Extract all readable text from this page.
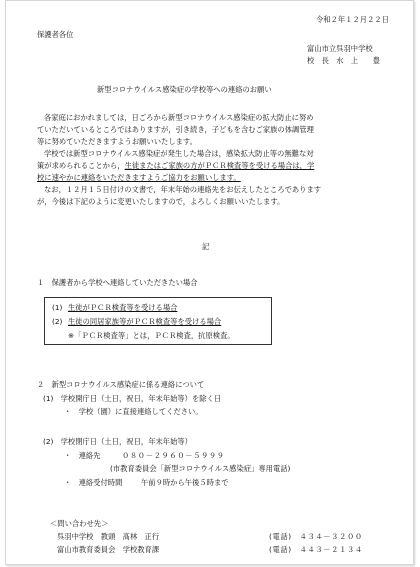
令和２年１２月２２日
保護者各位
富山市立呉羽中学校
校　長　水　上　　豊
新型コロナウイルス感染症の学校等への連絡のお願い
各家庭におかれましては，日ごろから新型コロナウイルス感染症の拡大防止に努め
ていただいているところではありますが，引き続き，子どもを含むご家族の体調管理
等に努めていただきますようお願いいたします。
学校では新型コロナウイルス感染症が発生した場合は，感染拡大防止等の無難な対
策が求められることから，生徒またはご家族の方がＰＣＲ検査等を受ける場合は，学
校に速やかに連絡をいただきますようご協力をお願いします。
なお，１２月１５日付けの文書で，年末年始の連絡先をお伝えしたところであります
が，今後は下記のように変更いたしますので，よろしくお願いいたします。
記
１　保護者から学校へ連絡していただきたい場合
(1) 生徒がＰＣＲ検査等を受ける場合
(2) 生徒の同居家族等がＰＣＲ検査等を受ける場合
※「ＰＣＲ検査等」とは，ＰＣＲ検査，抗原検査。
２　新型コロナウイルス感染症に係る連絡について
(1)　学校開庁日（土日，祝日，年末年始等）を除く日
・　学校（園）に直接連絡してください。
(2)　学校閉庁日（土日，祝日，年末年始等）
・　連絡先	０８０－２９６０－５９９９
(市教育委員会「新型コロナウイルス感染症」専用電話)
・　連絡受付時間	午前９時から午後５時まで
＜問い合わせ先＞
呉羽中学校　教頭　髙林　正行	(電話)　４３４－３２００
富山市教育委員会　学校教育課	(電話)　４４３－２１３４
